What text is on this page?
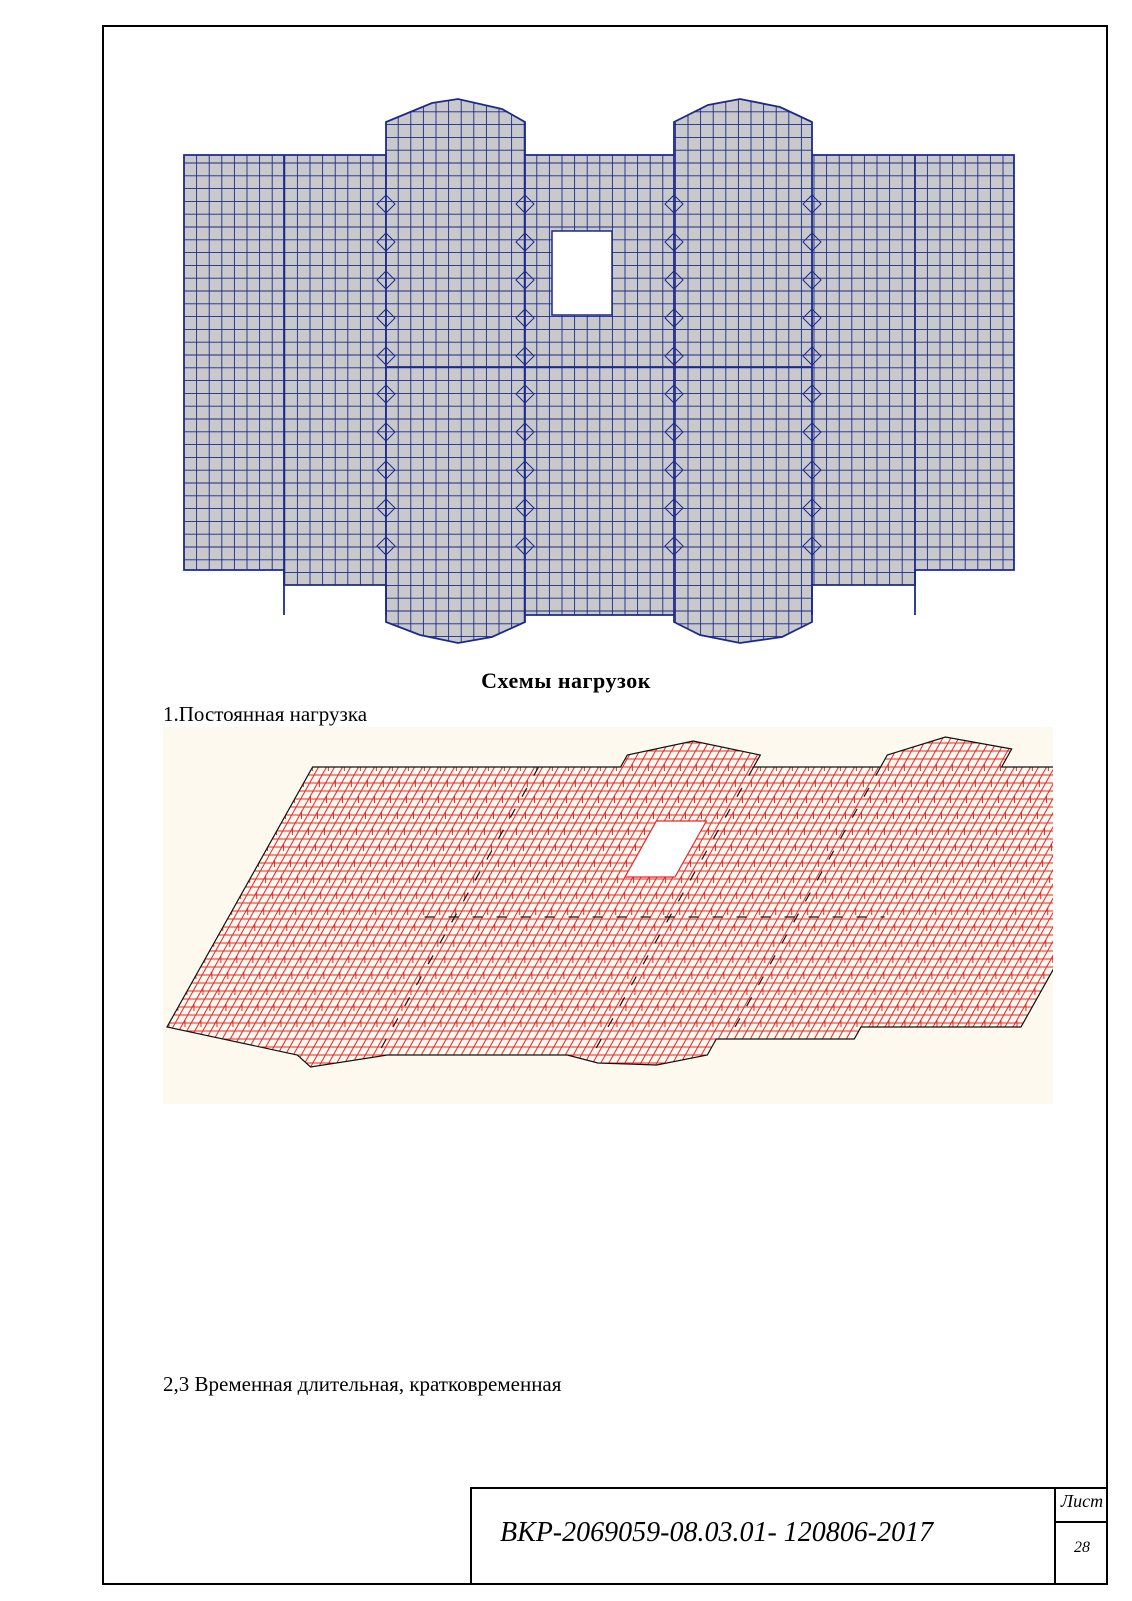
Схемы нагрузок
1.Постоянная нагрузка
2,3 Временная длительная, кратковременная
ВКР-2069059-08.03.01- 120806-2017
Лист
28
